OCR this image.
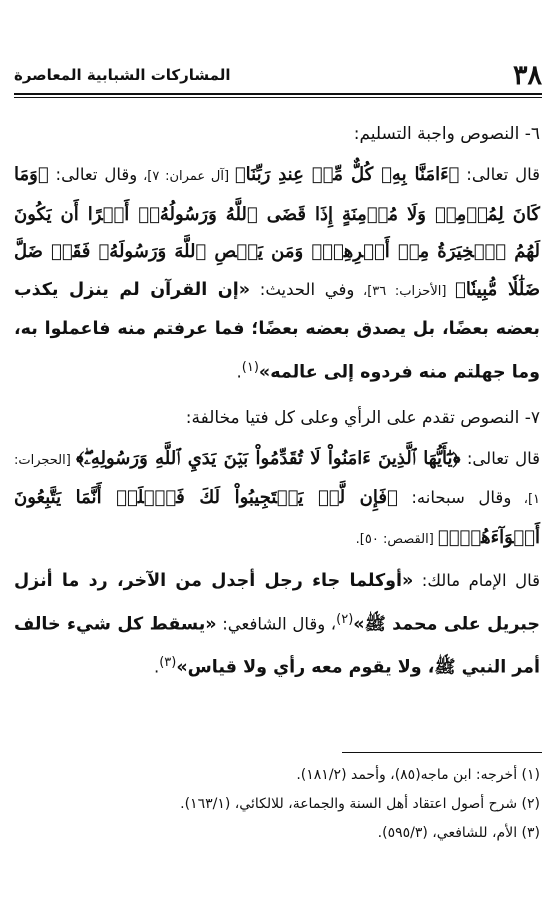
٣٨
المشاركات الشبابية المعاصرة
٦- النصوص واجبة التسليم:

قال تعالى: ﴿ءَامَنَّا بِهِۦ كُلٌّ مِّنۡ عِندِ رَبِّنَا﴾ [آل عمران: ٧]، وقال تعالى: ﴿وَمَا كَانَ لِمُؤۡمِنٖ وَلَا مُؤۡمِنَةٍ إِذَا قَضَى ٱللَّهُ وَرَسُولُهُۥٓ أَمۡرًا أَن يَكُونَ لَهُمُ ٱلۡخِيَرَةُ مِنۡ أَمۡرِهِمۡۗ وَمَن يَعۡصِ ٱللَّهَ وَرَسُولَهُۥ فَقَدۡ ضَلَّ ضَلَٰلٗا مُّبِينٗا﴾ [الأحزاب: ٣٦]، وفي الحديث: «إن القرآن لم ينزل يكذب بعضه بعضًا، بل يصدق بعضه بعضًا؛ فما عرفتم منه فاعملوا به، وما جهلتم منه فردوه إلى عالمه»$^{(١)}$.

٧- النصوص تقدم على الرأي وعلى كل فتيا مخالفة:

قال تعالى: ﴿يَٰٓأَيُّهَا ٱلَّذِينَ ءَامَنُواْ لَا تُقَدِّمُواْ بَيۡنَ يَدَيِ ٱللَّهِ وَرَسُولِهِۦۖ﴾ [الحجرات: ١]، وقال سبحانه: ﴿فَإِن لَّمۡ يَسۡتَجِيبُواْ لَكَ فَٱعۡلَمۡ أَنَّمَا يَتَّبِعُونَ أَهۡوَآءَهُمۡۚ﴾ [القصص: ٥٠].

قال الإمام مالك: «أوكلما جاء رجل أجدل من الآخر، رد ما أنزل جبريل على محمد ﷺ»$^{(٢)}$، وقال الشافعي: «يسقط كل شيء خالف أمر النبي ﷺ، ولا يقوم معه رأي ولا قياس»$^{(٣)}$.

(١) أخرجه: ابن ماجه(٨٥)، وأحمد (١٨١/٢).
(٢) شرح أصول اعتقاد أهل السنة والجماعة، للالكائي، (١٦٣/١).
(٣) الأم، للشافعي، (٥٩٥/٣).
